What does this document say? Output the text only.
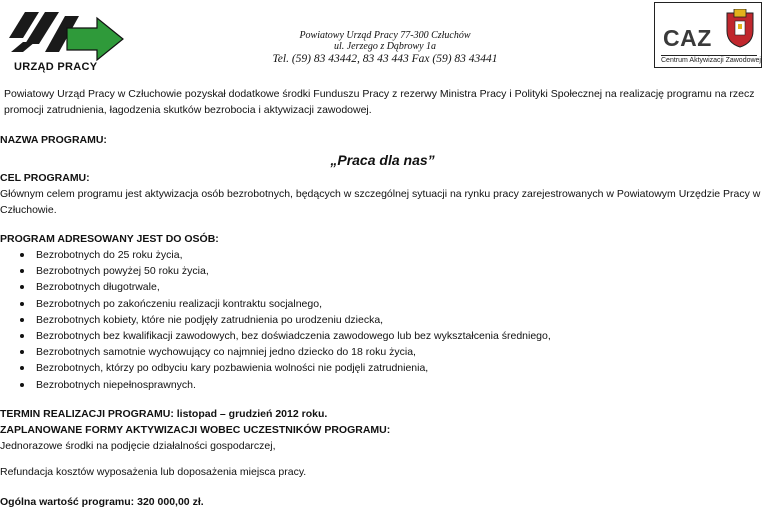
URZĄD PRACY
Powiatowy Urząd Pracy 77-300 Człuchów
ul. Jerzego z Dąbrowy 1a
Tel. (59) 83 43442, 83 43 443 Fax (59) 83 43441
CAZ
Centrum Aktywizacji Zawodowej

Powiatowy Urząd Pracy w Człuchowie pozyskał dodatkowe środki Funduszu Pracy z rezerwy Ministra Pracy i Polityki Społecznej na realizację programu na rzecz promocji zatrudnienia, łagodzenia skutków bezrobocia i aktywizacji zawodowej.

NAZWA PROGRAMU:

„Praca dla nas”

CEL PROGRAMU:

Głównym celem programu jest aktywizacja osób bezrobotnych, będących w szczególnej sytuacji na rynku pracy zarejestrowanych w Powiatowym Urzędzie Pracy w Człuchowie.

PROGRAM ADRESOWANY JEST DO OSÓB:

Bezrobotnych do 25 roku życia,
Bezrobotnych powyżej 50 roku życia,
Bezrobotnych długotrwale,
Bezrobotnych po zakończeniu realizacji kontraktu socjalnego,
Bezrobotnych kobiety, które nie podjęły zatrudnienia po urodzeniu dziecka,
Bezrobotnych bez kwalifikacji zawodowych, bez doświadczenia zawodowego lub bez wykształcenia średniego,
Bezrobotnych samotnie wychowujący co najmniej jedno dziecko do 18 roku życia,
Bezrobotnych, którzy po odbyciu kary pozbawienia wolności nie podjęli zatrudnienia,
Bezrobotnych niepełnosprawnych.

TERMIN REALIZACJI PROGRAMU: listopad – grudzień 2012 roku.

ZAPLANOWANE FORMY AKTYWIZACJI WOBEC UCZESTNIKÓW PROGRAMU:

Jednorazowe środki na podjęcie działalności gospodarczej,

Refundacja kosztów wyposażenia lub doposażenia miejsca pracy.

Ogólna wartość programu: 320 000,00 zł.
